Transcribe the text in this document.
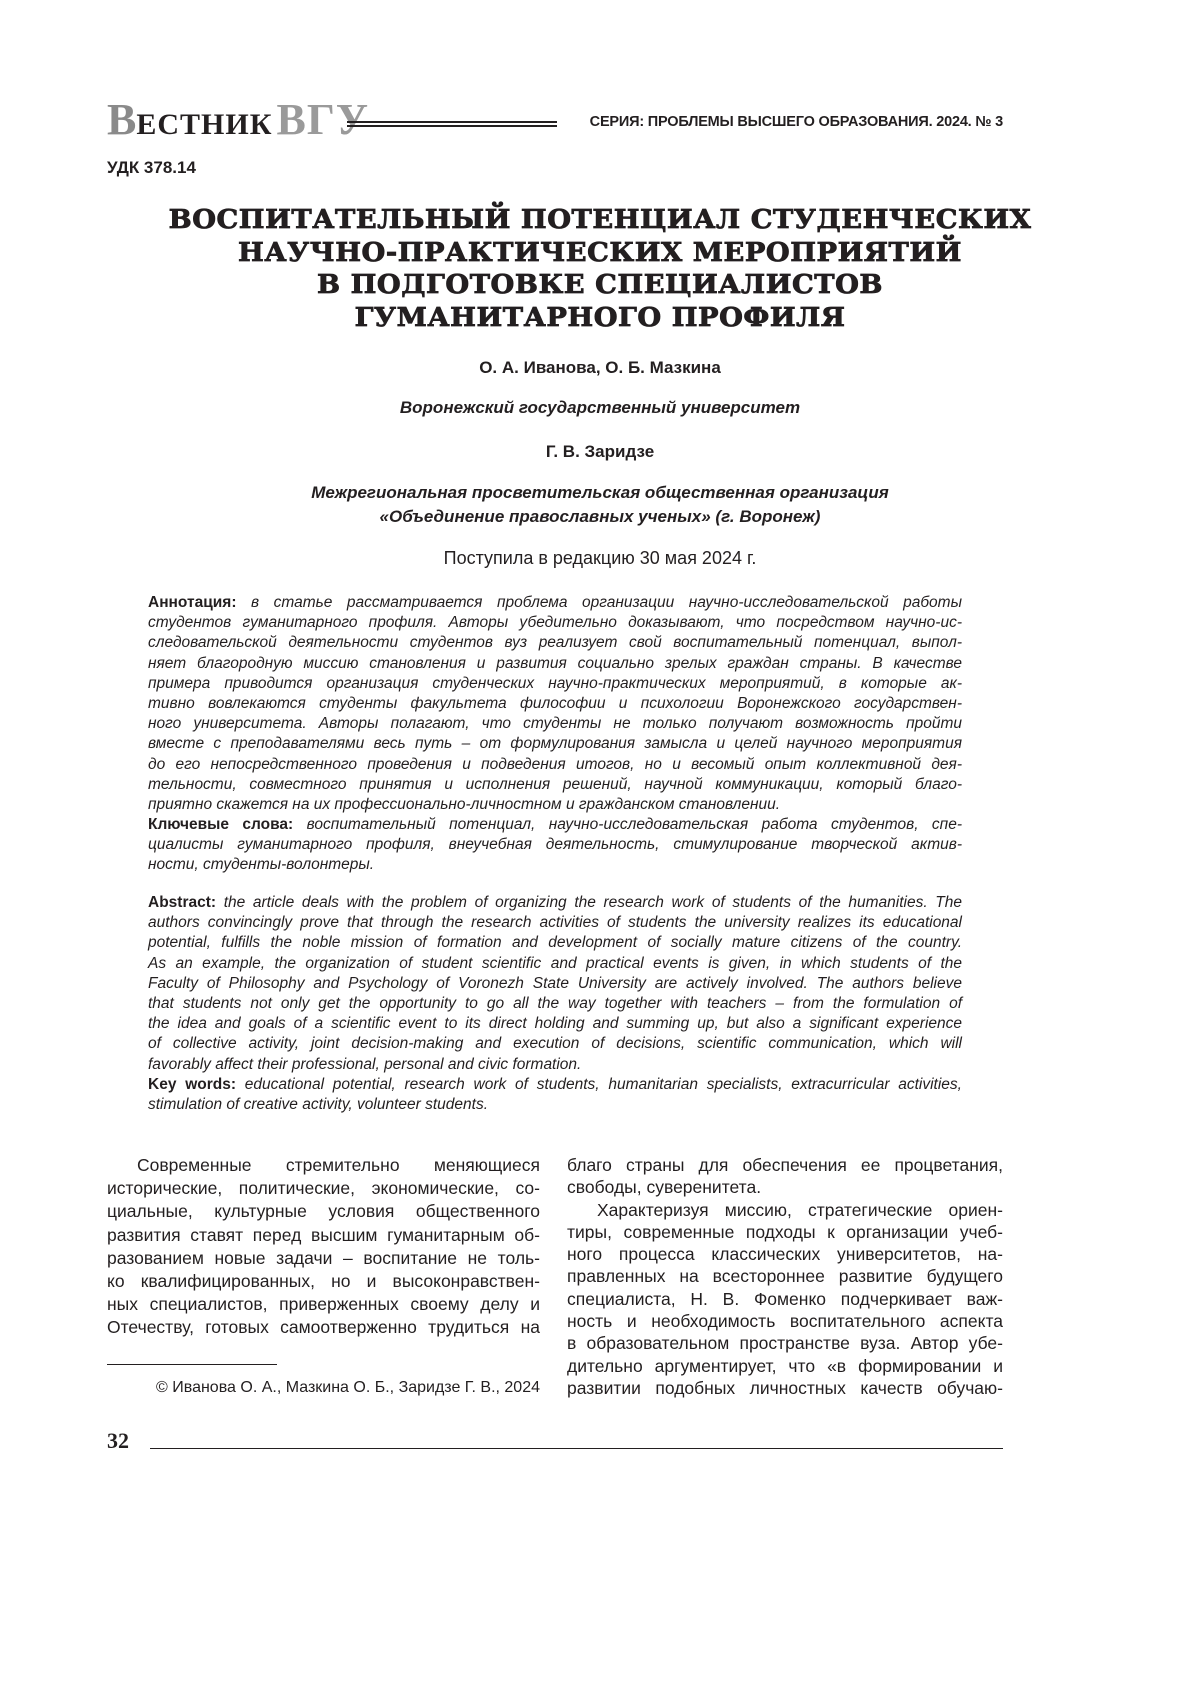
ВЕСТНИК ВГУ	СЕРИЯ: ПРОБЛЕМЫ ВЫСШЕГО ОБРАЗОВАНИЯ. 2024. № 3
УДК 378.14
ВОСПИТАТЕЛЬНЫЙ ПОТЕНЦИАЛ СТУДЕНЧЕСКИХ
НАУЧНО-ПРАКТИЧЕСКИХ МЕРОПРИЯТИЙ
В ПОДГОТОВКЕ СПЕЦИАЛИСТОВ
ГУМАНИТАРНОГО ПРОФИЛЯ
О. А. Иванова, О. Б. Мазкина
Воронежский государственный университет
Г. В. Заридзе
Межрегиональная просветительская общественная организация
«Объединение православных ученых» (г. Воронеж)
Поступила в редакцию 30 мая 2024 г.
Аннотация: в статье рассматривается проблема организации научно-исследовательской работы
студентов гуманитарного профиля. Авторы убедительно доказывают, что посредством научно-ис-
следовательской деятельности студентов вуз реализует свой воспитательный потенциал, выпол-
няет благородную миссию становления и развития социально зрелых граждан страны. В качестве
примера приводится организация студенческих научно-практических мероприятий, в которые ак-
тивно вовлекаются студенты факультета философии и психологии Воронежского государствен-
ного университета. Авторы полагают, что студенты не только получают возможность пройти
вместе с преподавателями весь путь – от формулирования замысла и целей научного мероприятия
до его непосредственного проведения и подведения итогов, но и весомый опыт коллективной дея-
тельности, совместного принятия и исполнения решений, научной коммуникации, который благо-
приятно скажется на их профессионально-личностном и гражданском становлении.
Ключевые слова: воспитательный потенциал, научно-исследовательская работа студентов, спе-
циалисты гуманитарного профиля, внеучебная деятельность, стимулирование творческой актив-
ности, студенты-волонтеры.
Abstract: the article deals with the problem of organizing the research work of students of the humanities. The
authors convincingly prove that through the research activities of students the university realizes its educational
potential, fulfills the noble mission of formation and development of socially mature citizens of the country.
As an example, the organization of student scientific and practical events is given, in which students of the
Faculty of Philosophy and Psychology of Voronezh State University are actively involved. The authors believe
that students not only get the opportunity to go all the way together with teachers – from the formulation of
the idea and goals of a scientific event to its direct holding and summing up, but also a significant experience
of collective activity, joint decision-making and execution of decisions, scientific communication, which will
favorably affect their professional, personal and civic formation.
Key words: educational potential, research work of students, humanitarian specialists, extracurricular activities,
stimulation of creative activity, volunteer students.
Современные стремительно меняющиеся
исторические, политические, экономические, со-
циальные, культурные условия общественного
развития ставят перед высшим гуманитарным об-
разованием новые задачи – воспитание не толь-
ко квалифицированных, но и высоконравствен-
ных специалистов, приверженных своему делу и
Отечеству, готовых самоотверженно трудиться на
благо страны для обеспечения ее процветания,
свободы, суверенитета.
Характеризуя миссию, стратегические ориен-
тиры, современные подходы к организации учеб-
ного процесса классических университетов, на-
правленных на всестороннее развитие будущего
специалиста, Н. В. Фоменко подчеркивает важ-
ность и необходимость воспитательного аспекта
в образовательном пространстве вуза. Автор убе-
дительно аргументирует, что «в формировании и
развитии подобных личностных качеств обучаю-
© Иванова О. А., Мазкина О. Б., Заридзе Г. В., 2024
32
